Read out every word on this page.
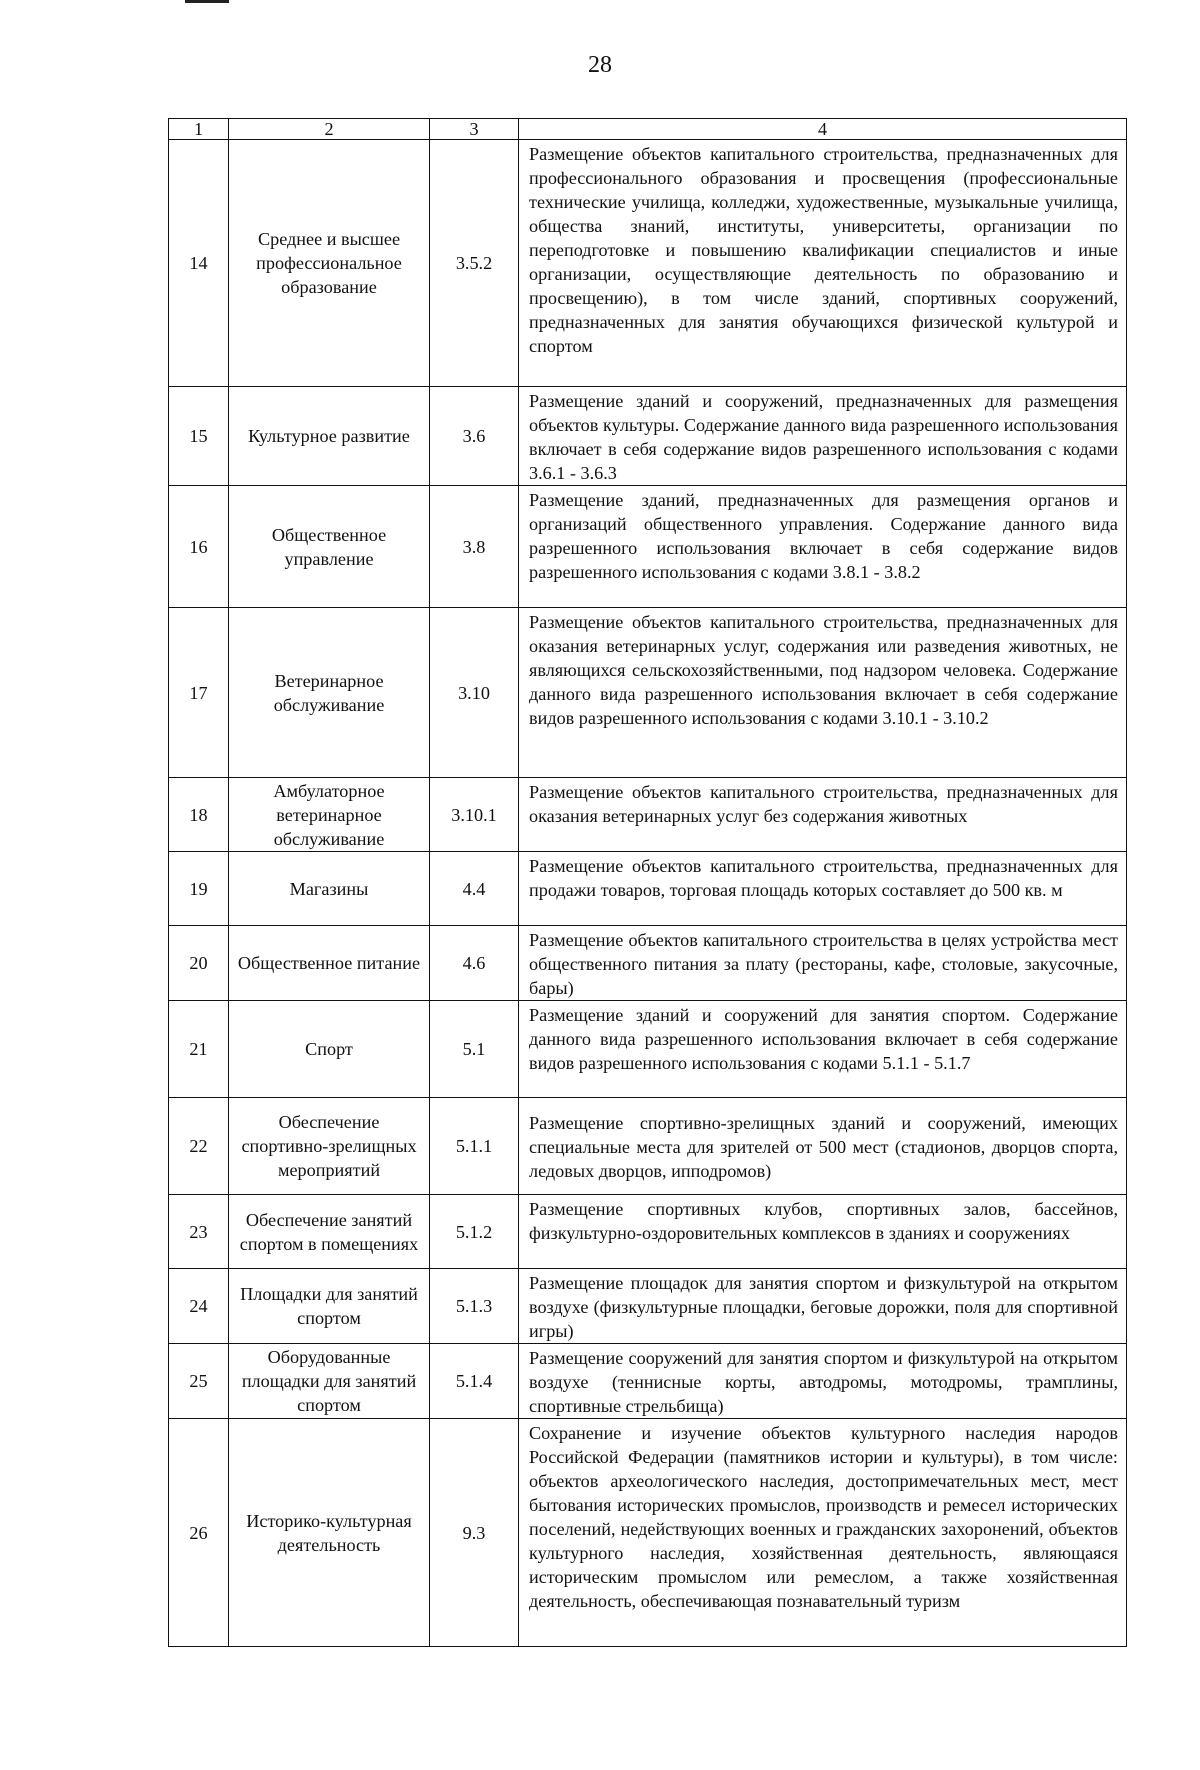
28
1	2	3	4
14	Среднее и высшее профессиональное образование	3.5.2	Размещение объектов капитального строительства, предназначенных для профессионального образования и просвещения (профессиональные технические училища, колледжи, художественные, музыкальные училища, общества знаний, институты, университеты, организации по переподготовке и повышению квалификации специалистов и иные организации, осуществляющие деятельность по образованию и просвещению), в том числе зданий, спортивных сооружений, предназначенных для занятия обучающихся физической культурой и спортом
15	Культурное развитие	3.6	Размещение зданий и сооружений, предназначенных для размещения объектов культуры. Содержание данного вида разрешенного использования включает в себя содержание видов разрешенного использования с кодами 3.6.1 - 3.6.3
16	Общественное управление	3.8	Размещение зданий, предназначенных для размещения органов и организаций общественного управления. Содержание данного вида разрешенного использования включает в себя содержание видов разрешенного использования с кодами 3.8.1 - 3.8.2
17	Ветеринарное обслуживание	3.10	Размещение объектов капитального строительства, предназначенных для оказания ветеринарных услуг, содержания или разведения животных, не являющихся сельскохозяйственными, под надзором человека. Содержание данного вида разрешенного использования включает в себя содержание видов разрешенного использования с кодами 3.10.1 - 3.10.2
18	Амбулаторное ветеринарное обслуживание	3.10.1	Размещение объектов капитального строительства, предназначенных для оказания ветеринарных услуг без содержания животных
19	Магазины	4.4	Размещение объектов капитального строительства, предназначенных для продажи товаров, торговая площадь которых составляет до 500 кв. м
20	Общественное питание	4.6	Размещение объектов капитального строительства в целях устройства мест общественного питания за плату (рестораны, кафе, столовые, закусочные, бары)
21	Спорт	5.1	Размещение зданий и сооружений для занятия спортом. Содержание данного вида разрешенного использования включает в себя содержание видов разрешенного использования с кодами 5.1.1 - 5.1.7
22	Обеспечение спортивно-зрелищных мероприятий	5.1.1	Размещение спортивно-зрелищных зданий и сооружений, имеющих специальные места для зрителей от 500 мест (стадионов, дворцов спорта, ледовых дворцов, ипподромов)
23	Обеспечение занятий спортом в помещениях	5.1.2	Размещение спортивных клубов, спортивных залов, бассейнов, физкультурно-оздоровительных комплексов в зданиях и сооружениях
24	Площадки для занятий спортом	5.1.3	Размещение площадок для занятия спортом и физкультурой на открытом воздухе (физкультурные площадки, беговые дорожки, поля для спортивной игры)
25	Оборудованные площадки для занятий спортом	5.1.4	Размещение сооружений для занятия спортом и физкультурой на открытом воздухе (теннисные корты, автодромы, мотодромы, трамплины, спортивные стрельбища)
26	Историко-культурная деятельность	9.3	Сохранение и изучение объектов культурного наследия народов Российской Федерации (памятников истории и культуры), в том числе: объектов археологического наследия, достопримечательных мест, мест бытования исторических промыслов, производств и ремесел исторических поселений, недействующих военных и гражданских захоронений, объектов культурного наследия, хозяйственная деятельность, являющаяся историческим промыслом или ремеслом, а также хозяйственная деятельность, обеспечивающая познавательный туризм
